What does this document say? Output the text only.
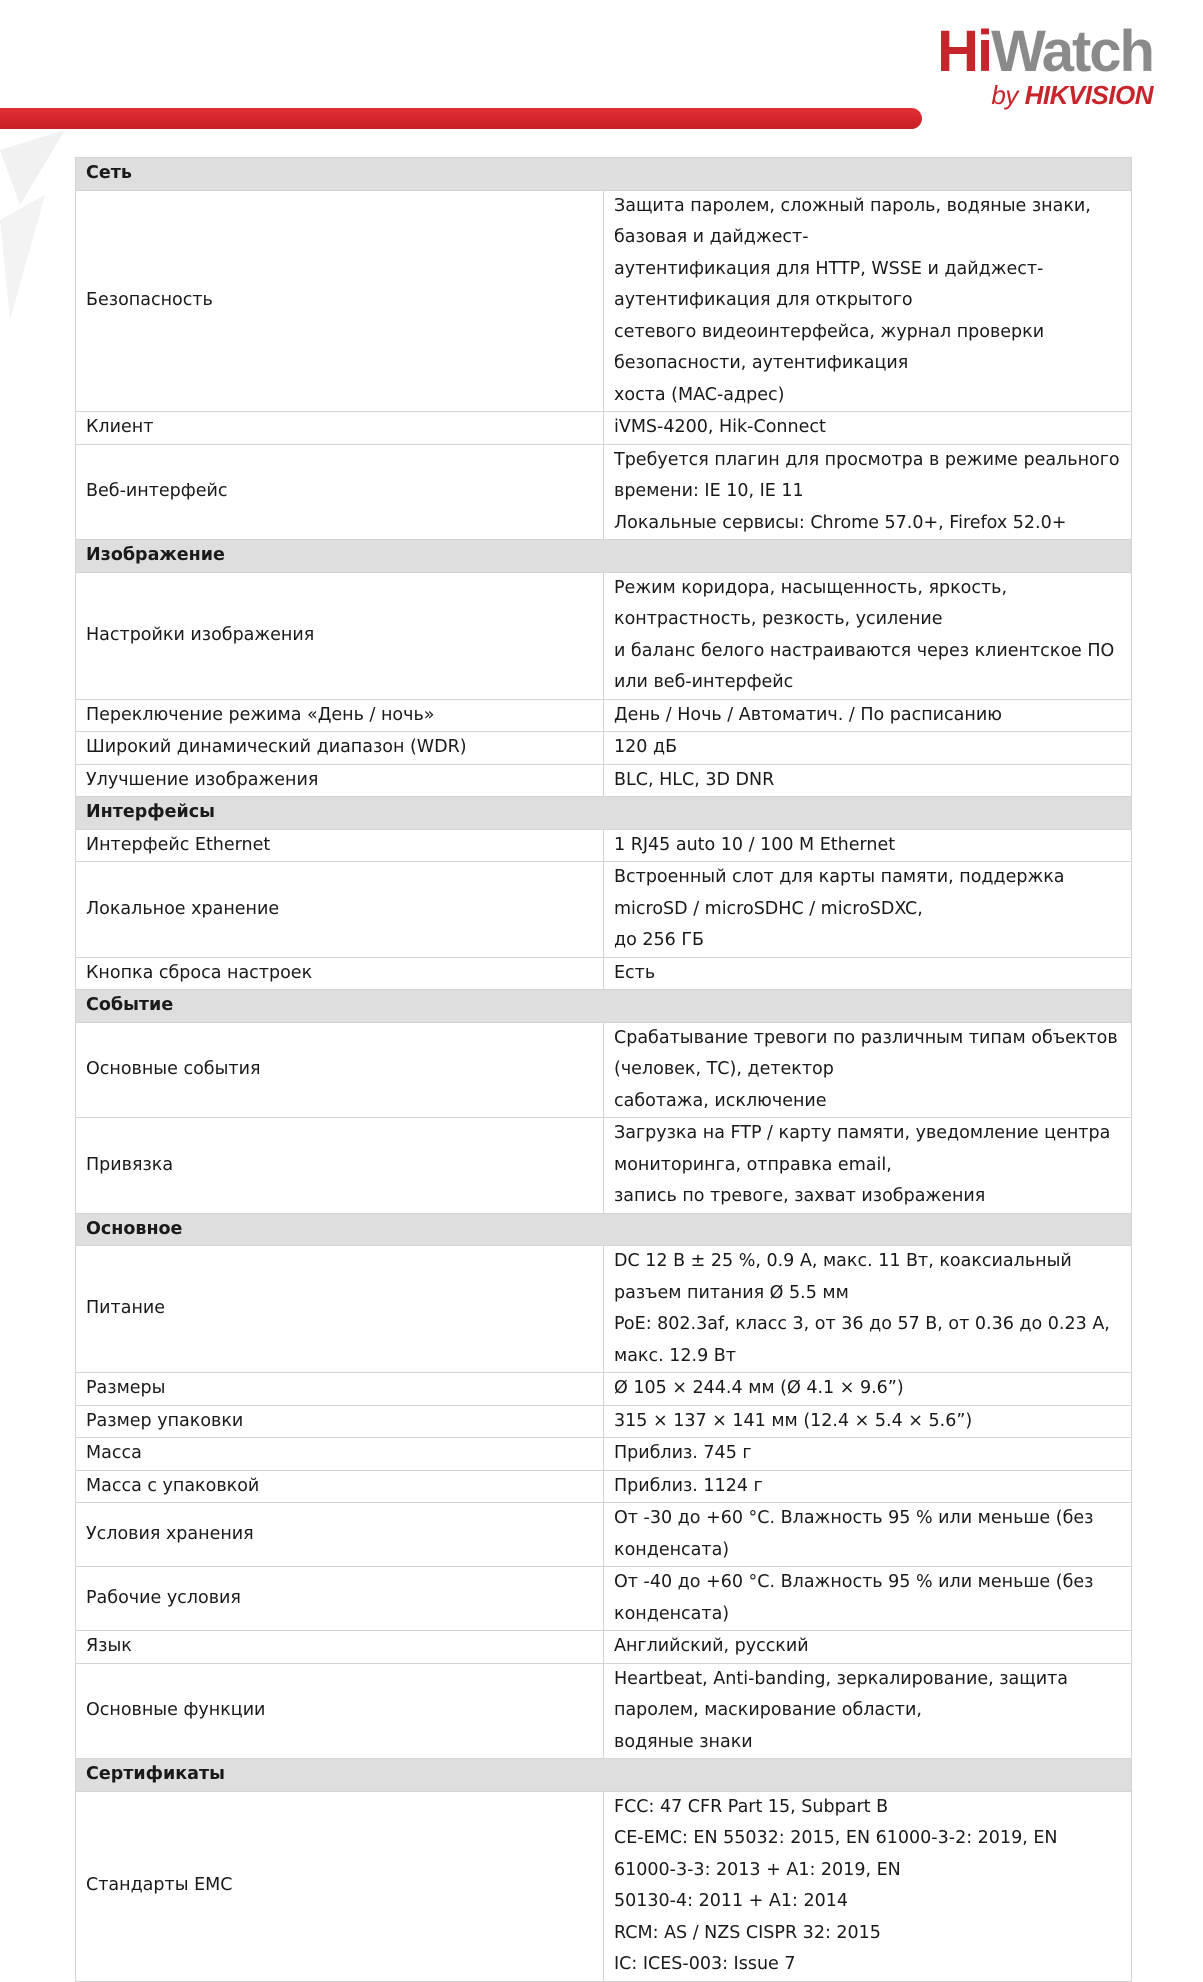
HiWatch
by HIKVISION
Сеть	
Безопасность	Защита паролем, сложный пароль, водяные знаки, базовая и дайджест-
аутентификация для HTTP, WSSE и дайджест-аутентификация для открытого
сетевого видеоинтерфейса, журнал проверки безопасности, аутентификация
хоста (MAC-адрес)

Клиент	iVMS-4200, Hik-Connect

Веб-интерфейс	Требуется плагин для просмотра в режиме реального времени: IE 10, IE 11
Локальные сервисы: Chrome 57.0+, Firefox 52.0+

Изображение	
Настройки изображения	Режим коридора, насыщенность, яркость, контрастность, резкость, усиление
и баланс белого настраиваются через клиентское ПО или веб-интерфейс

Переключение режима «День / ночь»	День / Ночь / Автоматич. / По расписанию

Широкий динамический диапазон (WDR)	120 дБ

Улучшение изображения	BLC, HLC, 3D DNR

Интерфейсы	
Интерфейс Ethernet	1 RJ45 auto 10 / 100 M Ethernet

Локальное хранение	Встроенный слот для карты памяти, поддержка microSD / microSDHC / microSDXC,
до 256 ГБ

Кнопка сброса настроек	Есть

Событие	
Основные события	Срабатывание тревоги по различным типам объектов (человек, ТС), детектор
саботажа, исключение

Привязка	Загрузка на FTP / карту памяти, уведомление центра мониторинга, отправка email,
запись по тревоге, захват изображения

Основное	
Питание	DC 12 В ± 25 %, 0.9 А, макс. 11 Вт, коаксиальный разъем питания Ø 5.5 мм
PoE: 802.3af, класс 3, от 36 до 57 В, от 0.36 до 0.23 А, макс. 12.9 Вт

Размеры	Ø 105 × 244.4 мм (Ø 4.1 × 9.6”)

Размер упаковки	315 × 137 × 141 мм (12.4 × 5.4 × 5.6”)

Масса	Приблиз. 745 г

Масса с упаковкой	Приблиз. 1124 г

Условия хранения	От -30 до +60 °C. Влажность 95 % или меньше (без конденсата)

Рабочие условия	От -40 до +60 °C. Влажность 95 % или меньше (без конденсата)

Язык	Английский, русский

Основные функции	Heartbeat, Anti-banding, зеркалирование, защита паролем, маскирование области,
водяные знаки

Сертификаты	
Стандарты EMC	FCC: 47 CFR Part 15, Subpart B
CE-EMC: EN 55032: 2015, EN 61000-3-2: 2019, EN 61000-3-3: 2013 + A1: 2019, EN
50130-4: 2011 + A1: 2014
RCM: AS / NZS CISPR 32: 2015
IC: ICES-003: Issue 7
